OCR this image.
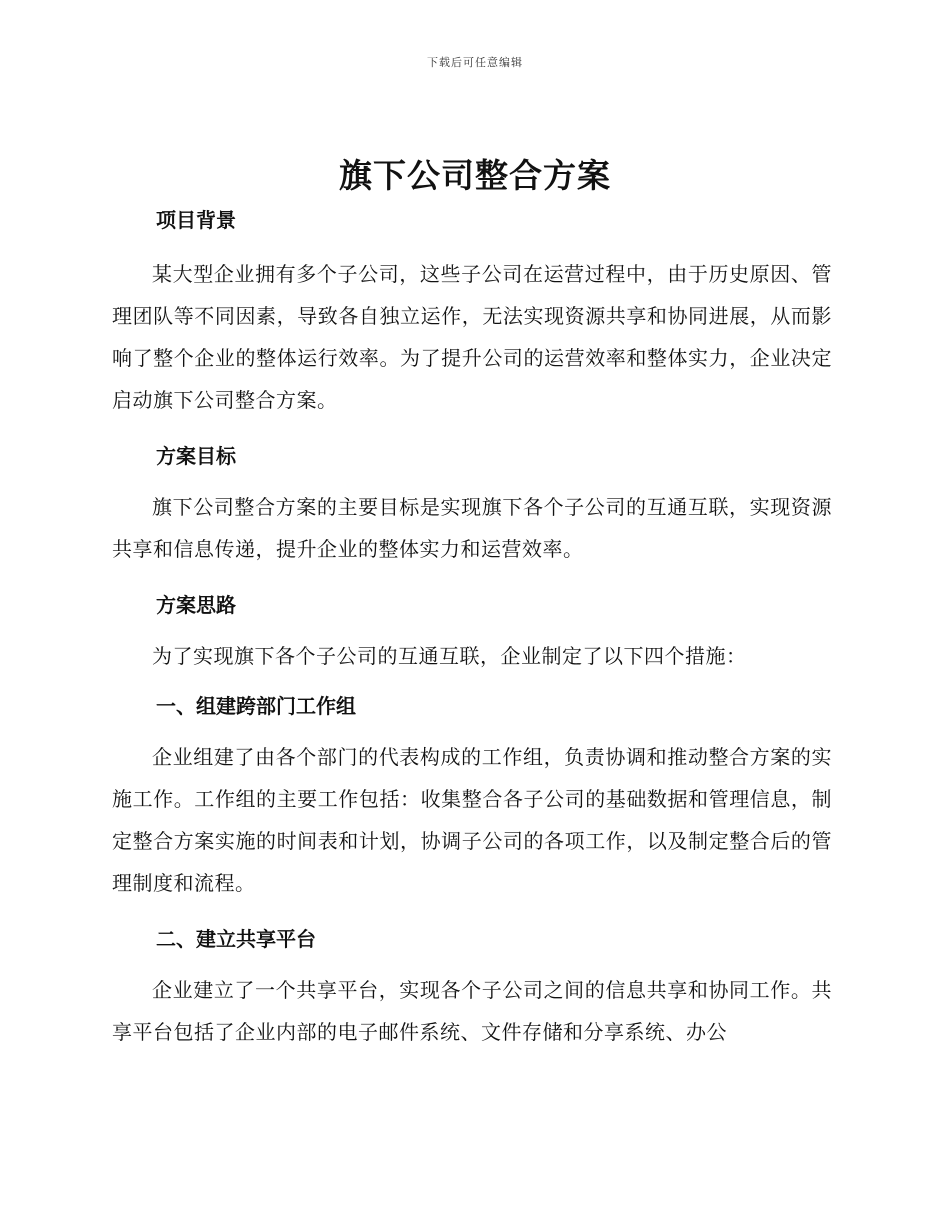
下载后可任意编辑
旗下公司整合方案
项目背景

某大型企业拥有多个子公司，这些子公司在运营过程中，由于历史原因、管理团队等不同因素，导致各自独立运作，无法实现资源共享和协同进展，从而影响了整个企业的整体运行效率。为了提升公司的运营效率和整体实力，企业决定启动旗下公司整合方案。

方案目标

旗下公司整合方案的主要目标是实现旗下各个子公司的互通互联，实现资源共享和信息传递，提升企业的整体实力和运营效率。

方案思路

为了实现旗下各个子公司的互通互联，企业制定了以下四个措施：

一、组建跨部门工作组

企业组建了由各个部门的代表构成的工作组，负责协调和推动整合方案的实施工作。工作组的主要工作包括：收集整合各子公司的基础数据和管理信息，制定整合方案实施的时间表和计划，协调子公司的各项工作，以及制定整合后的管理制度和流程。

二、建立共享平台

企业建立了一个共享平台，实现各个子公司之间的信息共享和协同工作。共享平台包括了企业内部的电子邮件系统、文件存储和分享系统、办公
